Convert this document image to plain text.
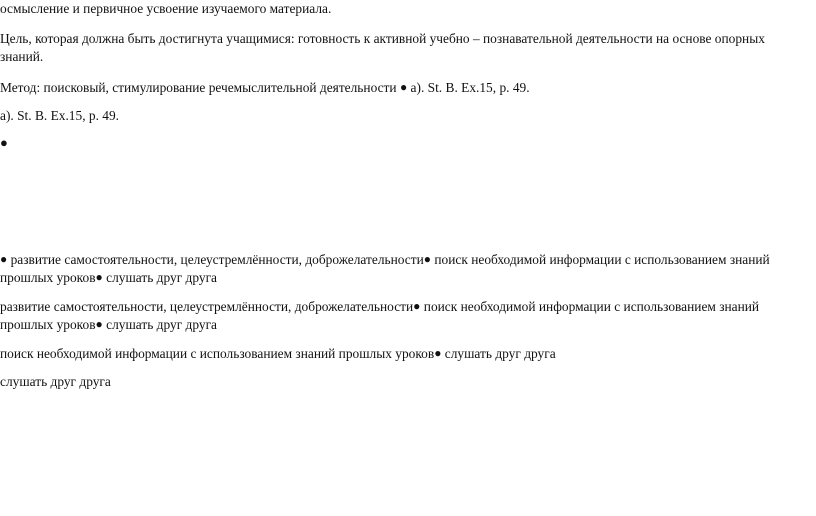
осмысление и первичное усвоение изучаемого материала.

Цель, которая должна быть достигнута учащимися: готовность к активной учебно – познавательной деятельности на основе опорных

знаний.

Метод: поисковый, стимулирование речемыслительной деятельности ● а). St. B. Ex.15, p. 49.

а). St. B. Ex.15, p. 49.

●

● развитие самостоятельности, целеустремлённости, доброжелательности● поиск необходимой информации с использованием знаний

прошлых уроков● слушать друг друга

развитие самостоятельности, целеустремлённости, доброжелательности● поиск необходимой информации с использованием знаний

прошлых уроков● слушать друг друга

поиск необходимой информации с использованием знаний прошлых уроков● слушать друг друга

слушать друг друга
